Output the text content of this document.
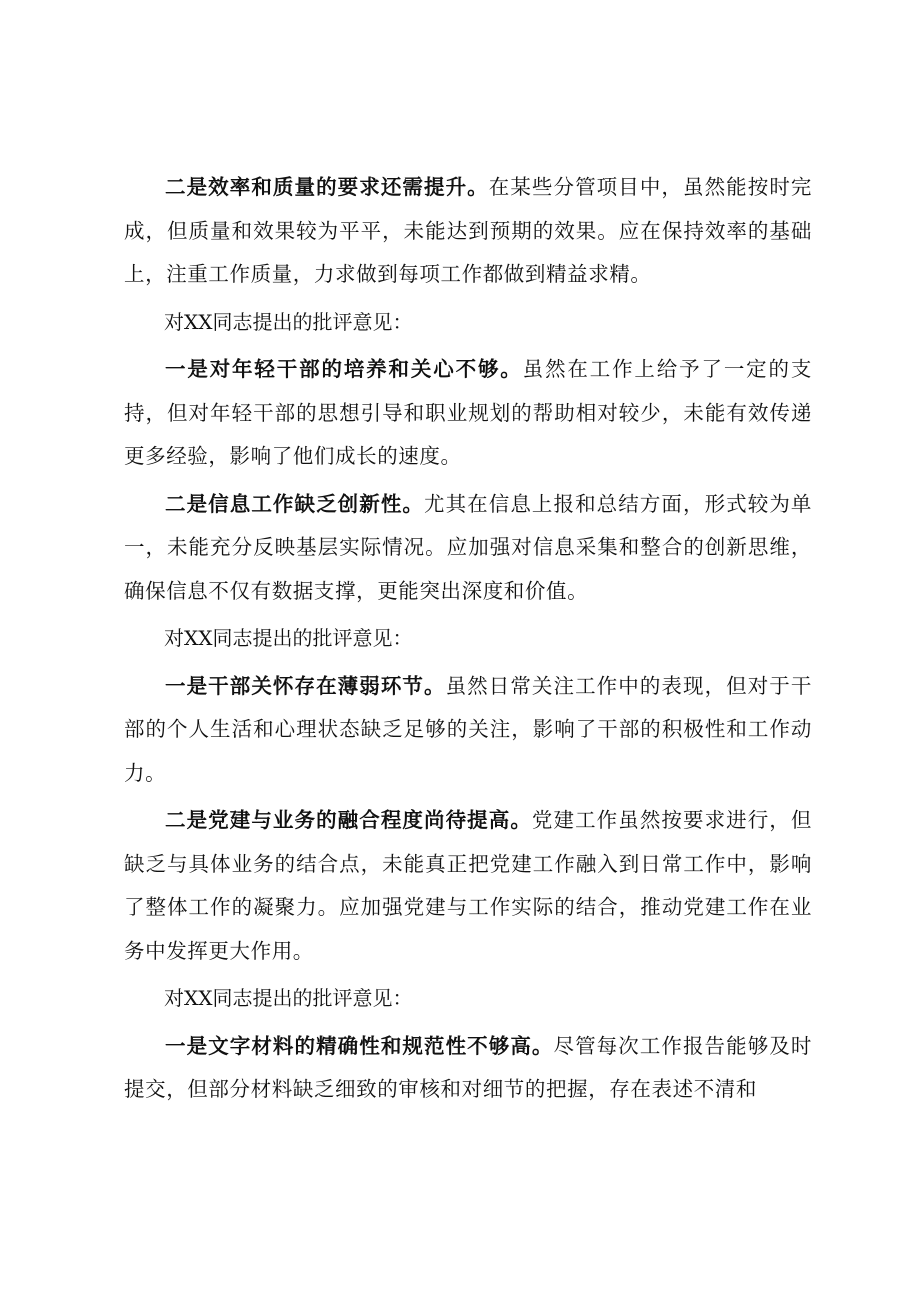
二是效率和质量的要求还需提升。在某些分管项目中，虽然能按时完成，但质量和效果较为平平，未能达到预期的效果。应在保持效率的基础上，注重工作质量，力求做到每项工作都做到精益求精。

对XX同志提出的批评意见：

一是对年轻干部的培养和关心不够。虽然在工作上给予了一定的支持，但对年轻干部的思想引导和职业规划的帮助相对较少，未能有效传递更多经验，影响了他们成长的速度。

二是信息工作缺乏创新性。尤其在信息上报和总结方面，形式较为单一，未能充分反映基层实际情况。应加强对信息采集和整合的创新思维，确保信息不仅有数据支撑，更能突出深度和价值。

对XX同志提出的批评意见：

一是干部关怀存在薄弱环节。虽然日常关注工作中的表现，但对于干部的个人生活和心理状态缺乏足够的关注，影响了干部的积极性和工作动力。

二是党建与业务的融合程度尚待提高。党建工作虽然按要求进行，但缺乏与具体业务的结合点，未能真正把党建工作融入到日常工作中，影响了整体工作的凝聚力。应加强党建与工作实际的结合，推动党建工作在业务中发挥更大作用。

对XX同志提出的批评意见：

一是文字材料的精确性和规范性不够高。尽管每次工作报告能够及时提交，但部分材料缺乏细致的审核和对细节的把握，存在表述不清和
